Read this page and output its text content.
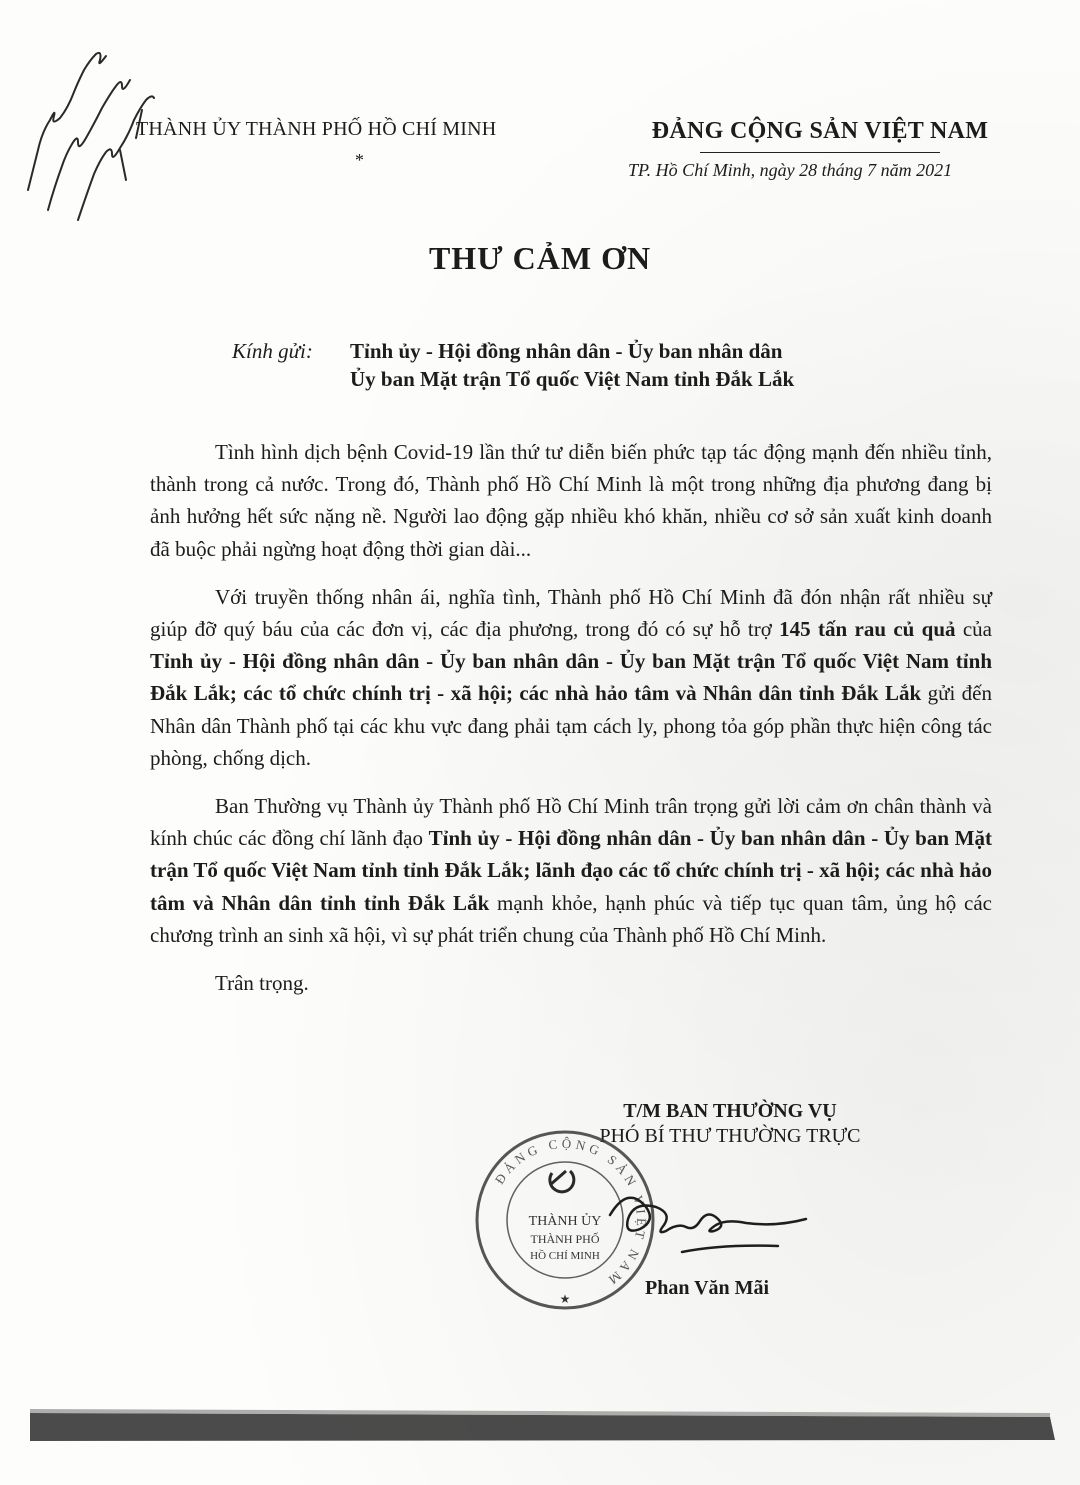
Gửi Báo Đắk Lắk đưa PT thông tin
THÀNH ỦY THÀNH PHỐ HỒ CHÍ MINH
*
ĐẢNG CỘNG SẢN VIỆT NAM
TP. Hồ Chí Minh, ngày 28 tháng 7 năm 2021
THƯ CẢM ƠN
Kính gửi: Tỉnh ủy - Hội đồng nhân dân - Ủy ban nhân dân
Ủy ban Mặt trận Tổ quốc Việt Nam tỉnh Đắk Lắk

Tình hình dịch bệnh Covid-19 lần thứ tư diễn biến phức tạp tác động mạnh đến nhiều tỉnh, thành trong cả nước. Trong đó, Thành phố Hồ Chí Minh là một trong những địa phương đang bị ảnh hưởng hết sức nặng nề. Người lao động gặp nhiều khó khăn, nhiều cơ sở sản xuất kinh doanh đã buộc phải ngừng hoạt động thời gian dài...

Với truyền thống nhân ái, nghĩa tình, Thành phố Hồ Chí Minh đã đón nhận rất nhiều sự giúp đỡ quý báu của các đơn vị, các địa phương, trong đó có sự hỗ trợ 145 tấn rau củ quả của Tỉnh ủy - Hội đồng nhân dân - Ủy ban nhân dân - Ủy ban Mặt trận Tổ quốc Việt Nam tỉnh Đắk Lắk; các tổ chức chính trị - xã hội; các nhà hảo tâm và Nhân dân tỉnh Đắk Lắk gửi đến Nhân dân Thành phố tại các khu vực đang phải tạm cách ly, phong tỏa góp phần thực hiện công tác phòng, chống dịch.

Ban Thường vụ Thành ủy Thành phố Hồ Chí Minh trân trọng gửi lời cảm ơn chân thành và kính chúc các đồng chí lãnh đạo Tỉnh ủy - Hội đồng nhân dân - Ủy ban nhân dân - Ủy ban Mặt trận Tổ quốc Việt Nam tỉnh tỉnh Đắk Lắk; lãnh đạo các tổ chức chính trị - xã hội; các nhà hảo tâm và Nhân dân tỉnh tỉnh Đắk Lắk mạnh khỏe, hạnh phúc và tiếp tục quan tâm, ủng hộ các chương trình an sinh xã hội, vì sự phát triển chung của Thành phố Hồ Chí Minh.

Trân trọng.

T/M BAN THƯỜNG VỤ
PHÓ BÍ THƯ THƯỜNG TRỰC
ĐẢNG CỘNG SẢN VIỆT NAM
THÀNH ỦY
THÀNH PHỐ
HỒ CHÍ MINH
★	Phan Văn Mãi
